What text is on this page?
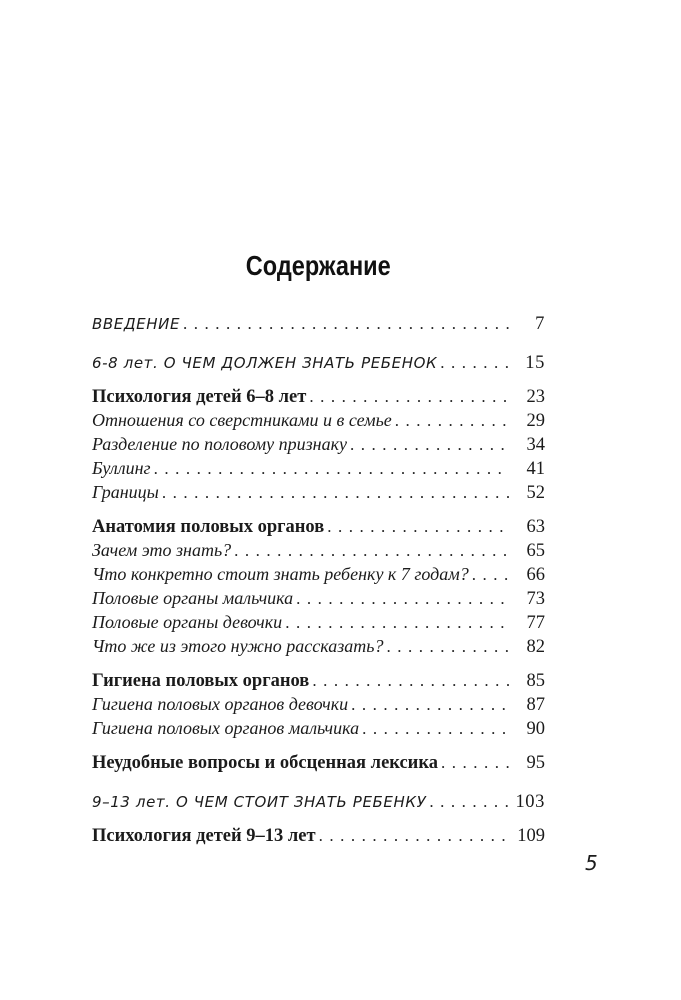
Содержание
ВВЕДЕНИЕ .....	7
6-8 лет. О ЧЕМ ДОЛЖЕН ЗНАТЬ РЕБЕНОК .....	15
Психология детей 6–8 лет .....	23
Отношения со сверстниками и в семье .....	29
Разделение по половому признаку .....	34
Буллинг .....	41
Границы .....	52
Анатомия половых органов .....	63
Зачем это знать? .....	65
Что конкретно стоит знать ребенку к 7 годам? .....	66
Половые органы мальчика .....	73
Половые органы девочки .....	77
Что же из этого нужно рассказать? .....	82
Гигиена половых органов .....	85
Гигиена половых органов девочки .....	87
Гигиена половых органов мальчика .....	90
Неудобные вопросы и обсценная лексика .....	95
9–13 лет. О ЧЕМ СТОИТ ЗНАТЬ РЕБЕНКУ .....	103
Психология детей 9–13 лет .....	109
5
